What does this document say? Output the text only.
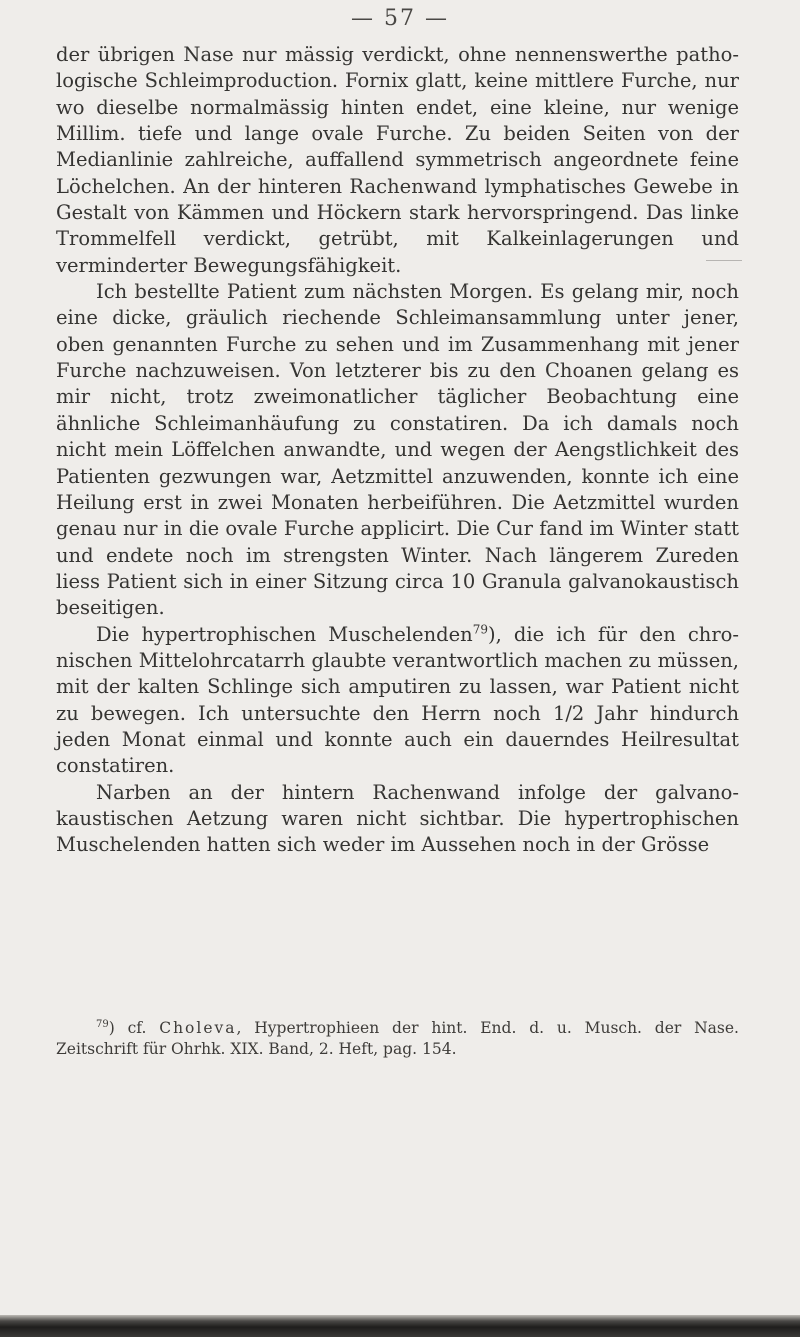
— 57 —

der übrigen Nase nur mässig verdickt, ohne nennenswerthe pathologische Schleimproduction. Fornix glatt, keine mittlere Furche, nur wo dieselbe normalmässig hinten endet, eine kleine, nur wenige Millim. tiefe und lange ovale Furche. Zu beiden Seiten von der Medianlinie zahlreiche, auffallend symmetrisch angeordnete feine Löchelchen. An der hinteren Rachenwand lymphatisches Gewebe in Gestalt von Kämmen und Höckern stark hervorspringend. Das linke Trommelfell verdickt, getrübt, mit Kalkeinlagerungen und verminderter Bewegungsfähigkeit.

Ich bestellte Patient zum nächsten Morgen. Es gelang mir, noch eine dicke, gräulich riechende Schleimansammlung unter jener, oben genannten Furche zu sehen und im Zusammenhang mit jener Furche nachzuweisen. Von letzterer bis zu den Choanen gelang es mir nicht, trotz zweimonatlicher täglicher Beobachtung eine ähnliche Schleimanhäufung zu constatiren. Da ich damals noch nicht mein Löffelchen anwandte, und wegen der Aengstlichkeit des Patienten gezwungen war, Aetzmittel anzuwenden, konnte ich eine Heilung erst in zwei Monaten herbeiführen. Die Aetzmittel wurden genau nur in die ovale Furche applicirt. Die Cur fand im Winter statt und endete noch im strengsten Winter. Nach längerem Zureden liess Patient sich in einer Sitzung circa 10 Granula galvanokaustisch beseitigen.

Die hypertrophischen Muschelenden$^{79}$), die ich für den chronischen Mittelohrcatarrh glaubte verantwortlich machen zu müssen, mit der kalten Schlinge sich amputiren zu lassen, war Patient nicht zu bewegen. Ich untersuchte den Herrn noch 1/2 Jahr hindurch jeden Monat einmal und konnte auch ein dauerndes Heilresultat constatiren.

Narben an der hintern Rachenwand infolge der galvanokaustischen Aetzung waren nicht sichtbar. Die hypertrophischen Muschelenden hatten sich weder im Aussehen noch in der Grösse

$^{79}$) cf. Choleva, Hypertrophieen der hint. End. d. u. Musch. der Nase. Zeitschrift für Ohrhk. XIX. Band, 2. Heft, pag. 154.
